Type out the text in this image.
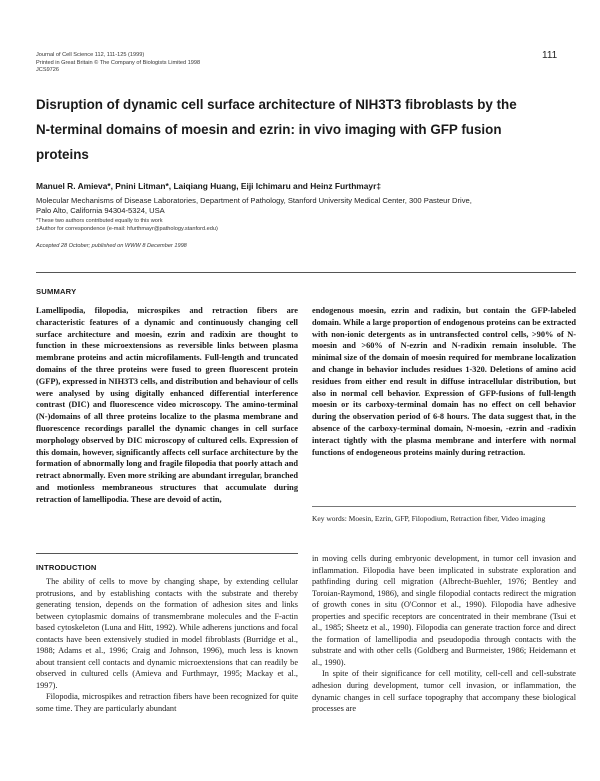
Journal of Cell Science 112, 111-125 (1999)
Printed in Great Britain © The Company of Biologists Limited 1998
JCS9726
111
Disruption of dynamic cell surface architecture of NIH3T3 fibroblasts by the
N-terminal domains of moesin and ezrin: in vivo imaging with GFP fusion
proteins
Manuel R. Amieva*, Pnini Litman*, Laiqiang Huang, Eiji Ichimaru and Heinz Furthmayr‡
Molecular Mechanisms of Disease Laboratories, Department of Pathology, Stanford University Medical Center, 300 Pasteur Drive,
Palo Alto, California 94304-5324, USA
*These two authors contributed equally to this work
‡Author for correspondence (e-mail: hfurthmayr@pathology.stanford.edu)
Accepted 28 October; published on WWW 8 December 1998
SUMMARY
Lamellipodia, filopodia, microspikes and retraction fibers are characteristic features of a dynamic and continuously changing cell surface architecture and moesin, ezrin and radixin are thought to function in these microextensions as reversible links between plasma membrane proteins and actin microfilaments. Full-length and truncated domains of the three proteins were fused to green fluorescent protein (GFP), expressed in NIH3T3 cells, and distribution and behaviour of cells were analysed by using digitally enhanced differential interference contrast (DIC) and fluorescence video microscopy. The amino-terminal (N-)domains of all three proteins localize to the plasma membrane and fluorescence recordings parallel the dynamic changes in cell surface morphology observed by DIC microscopy of cultured cells. Expression of this domain, however, significantly affects cell surface architecture by the formation of abnormally long and fragile filopodia that poorly attach and retract abnormally. Even more striking are abundant irregular, branched and motionless membraneous structures that accumulate during retraction of lamellipodia. These are devoid of actin,
endogenous moesin, ezrin and radixin, but contain the GFP-labeled domain. While a large proportion of endogenous proteins can be extracted with non-ionic detergents as in untransfected control cells, >90% of N-moesin and >60% of N-ezrin and N-radixin remain insoluble. The minimal size of the domain of moesin required for membrane localization and change in behavior includes residues 1-320. Deletions of amino acid residues from either end result in diffuse intracellular distribution, but also in normal cell behavior. Expression of GFP-fusions of full-length moesin or its carboxy-terminal domain has no effect on cell behavior during the observation period of 6-8 hours. The data suggest that, in the absence of the carboxy-terminal domain, N-moesin, -ezrin and -radixin interact tightly with the plasma membrane and interfere with normal functions of endogeneous proteins mainly during retraction.
Key words: Moesin, Ezrin, GFP, Filopodium, Retraction fiber, Video imaging
INTRODUCTION

The ability of cells to move by changing shape, by extending cellular protrusions, and by establishing contacts with the substrate and thereby generating tension, depends on the formation of adhesion sites and links between cytoplasmic domains of transmembrane molecules and the F-actin based cytoskeleton (Luna and Hitt, 1992). While adherens junctions and focal contacts have been extensively studied in model fibroblasts (Burridge et al., 1988; Adams et al., 1996; Craig and Johnson, 1996), much less is known about transient cell contacts and dynamic microextensions that can readily be observed in cultured cells (Amieva and Furthmayr, 1995; Mackay et al., 1997).

Filopodia, microspikes and retraction fibers have been recognized for quite some time. They are particularly abundant

in moving cells during embryonic development, in tumor cell invasion and inflammation. Filopodia have been implicated in substrate exploration and pathfinding during cell migration (Albrecht-Buehler, 1976; Bentley and Toroian-Raymond, 1986), and single filopodial contacts redirect the migration of growth cones in situ (O'Connor et al., 1990). Filopodia have adhesive properties and specific receptors are concentrated in their membrane (Tsui et al., 1985; Sheetz et al., 1990). Filopodia can generate traction force and direct the formation of lamellipodia and pseudopodia through contacts with the substrate and with other cells (Goldberg and Burmeister, 1986; Heidemann et al., 1990).

In spite of their significance for cell motility, cell-cell and cell-substrate adhesion during development, tumor cell invasion, or inflammation, the dynamic changes in cell surface topography that accompany these biological processes are
